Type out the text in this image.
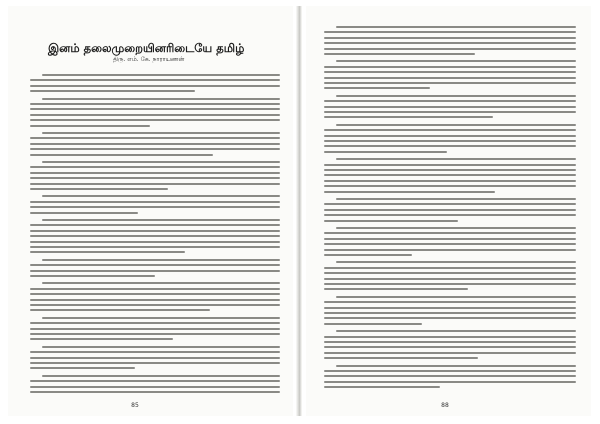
இனம் தலைமுறையினரிடையே தமிழ்
திரு. எம். கே. நாராயணன்
85	88
